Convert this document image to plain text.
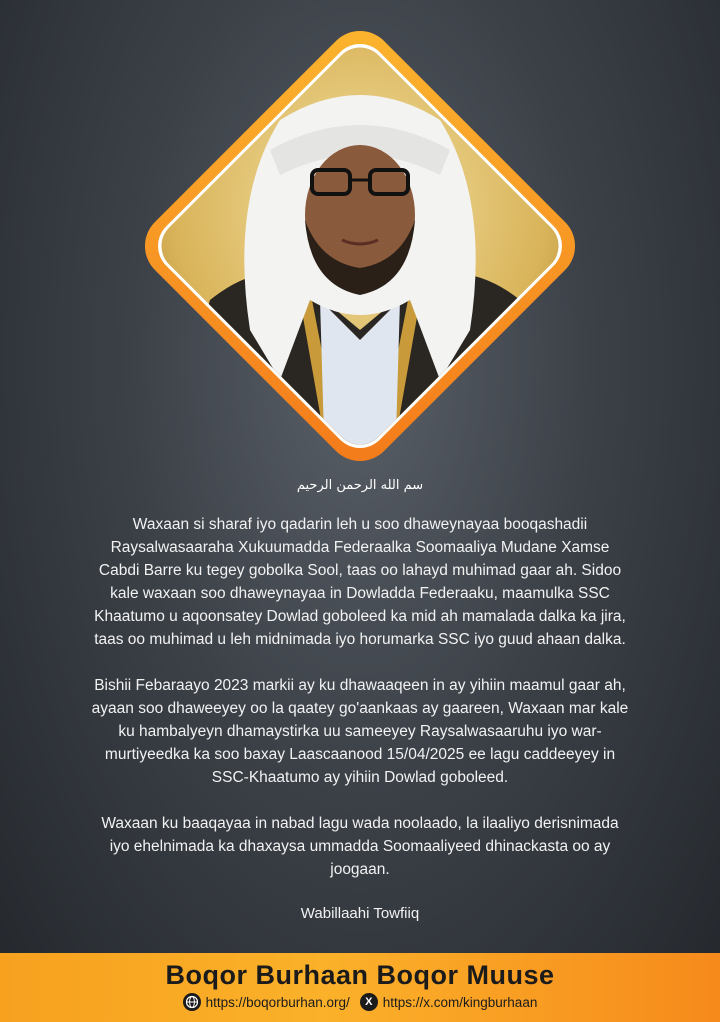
سم الله الرحمن الرحيم

Waxaan si sharaf iyo qadarin leh u soo dhaweynayaa booqashadii Raysalwasaaraha Xukuumadda Federaalka Soomaaliya Mudane Xamse Cabdi Barre ku tegey gobolka Sool, taas oo lahayd muhimad gaar ah. Sidoo kale waxaan soo dhaweynayaa in Dowladda Federaaku, maamulka SSC Khaatumo u aqoonsatey Dowlad goboleed ka mid ah mamalada dalka ka jira, taas oo muhimad u leh midnimada iyo horumarka SSC iyo guud ahaan dalka.

Bishii Febaraayo 2023 markii ay ku dhawaaqeen in ay yihiin maamul gaar ah, ayaan soo dhaweeyey oo la qaatey go'aankaas ay gaareen, Waxaan mar kale ku hambalyeyn dhamaystirka uu sameeyey Raysalwasaaruhu iyo war-murtiyeedka ka soo baxay Laascaanood 15/04/2025 ee lagu caddeeyey in SSC-Khaatumo ay yihiin Dowlad goboleed.

Waxaan ku baaqayaa in nabad lagu wada noolaado, la ilaaliyo derisnimada iyo ehelnimada ka dhaxaysa ummadda Soomaaliyeed dhinackasta oo ay joogaan.

Wabillaahi Towfiiq
Boqor Burhaan Boqor Muuse
https://boqorburhan.org/ X https://x.com/kingburhaan
